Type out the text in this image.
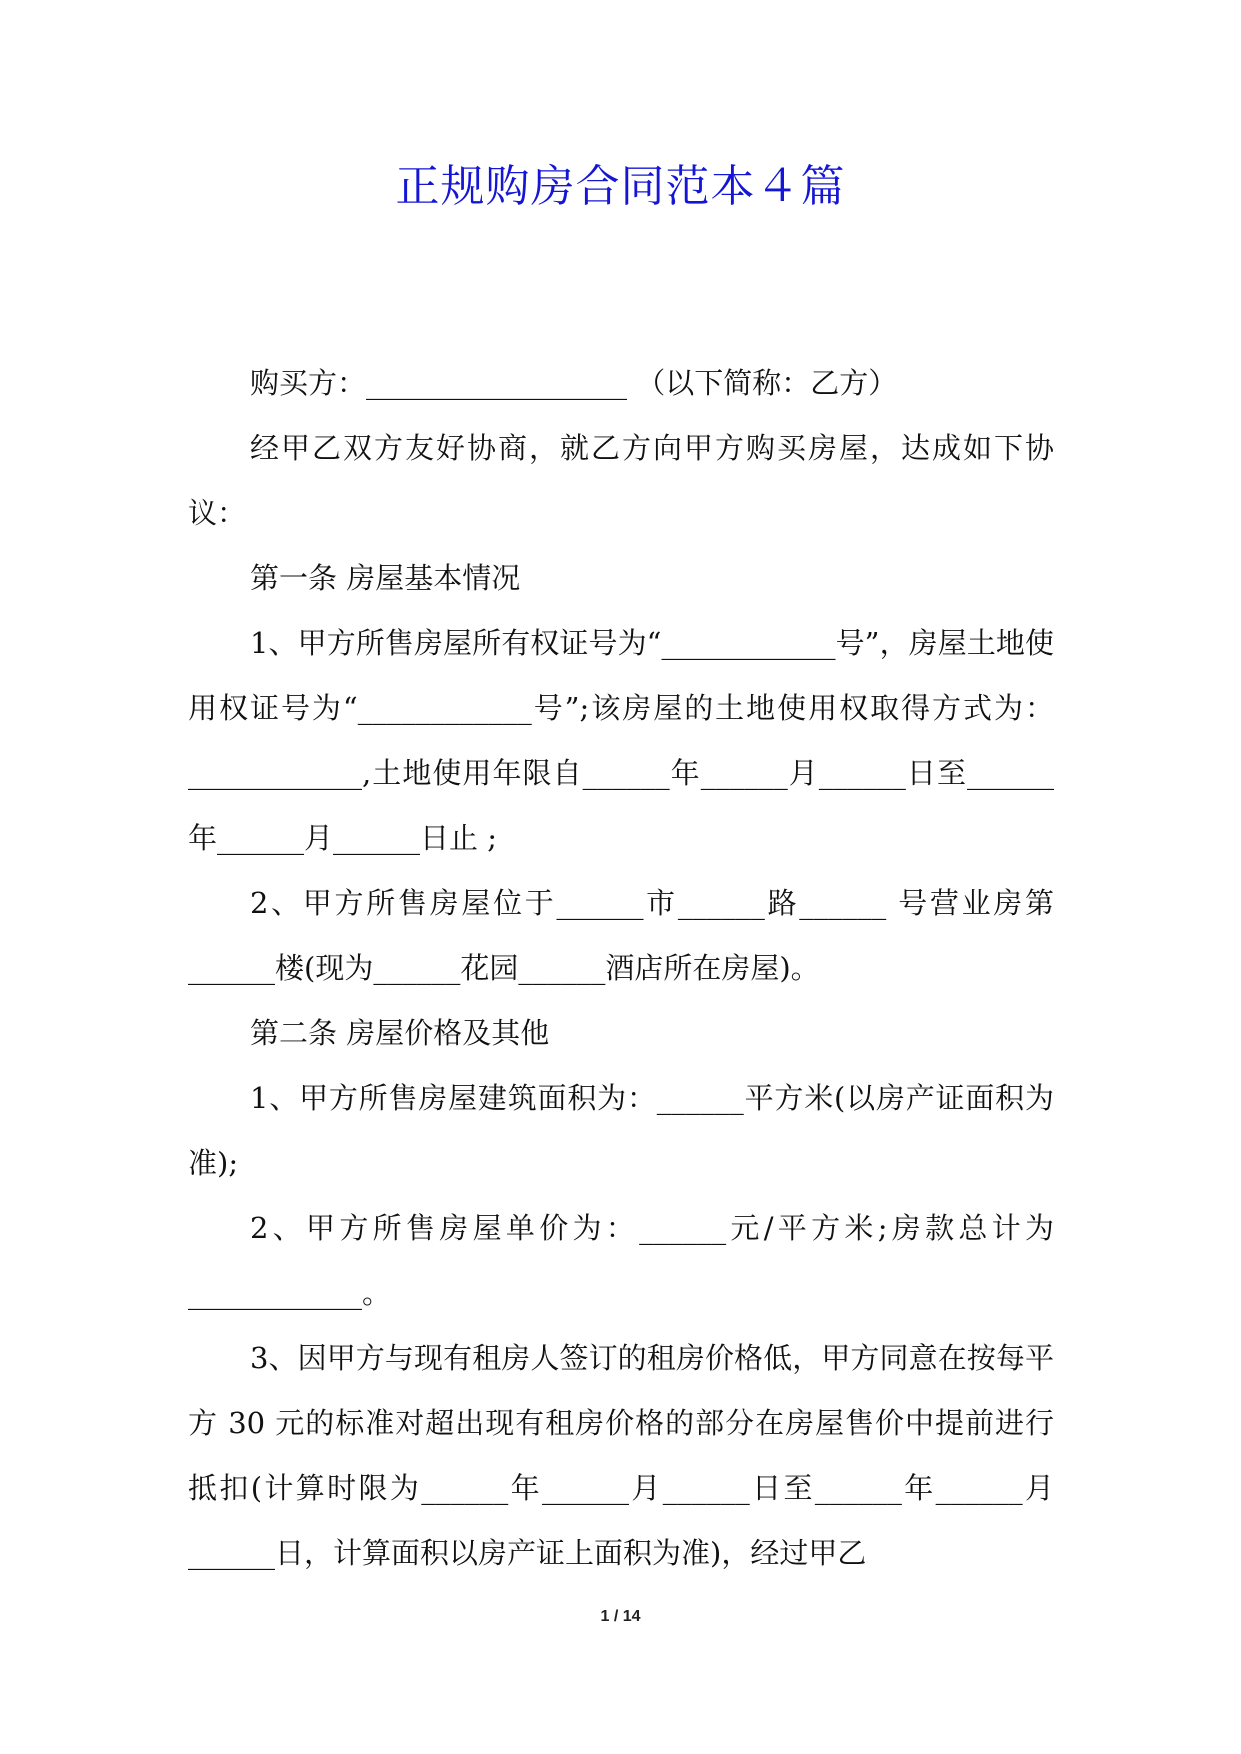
正规购房合同范本４篇

购买方：__________________ （以下简称：乙方）

经甲乙双方友好协商，就乙方向甲方购买房屋，达成如下协议：

第一条 房屋基本情况

1、甲方所售房屋所有权证号为“____________号”，房屋土地使用权证号为“____________号”;该房屋的土地使用权取得方式为：____________,土地使用年限自______年______月______日至______年______月______日止 ;

2、甲方所售房屋位于______市______路______ 号营业房第______楼(现为______花园______酒店所在房屋)。

第二条 房屋价格及其他

1、甲方所售房屋建筑面积为：______平方米(以房产证面积为准);

2、甲方所售房屋单价为：______元/平方米;房款总计为____________。

3、因甲方与现有租房人签订的租房价格低，甲方同意在按每平方 30 元的标准对超出现有租房价格的部分在房屋售价中提前进行抵扣(计算时限为______年______月______日至______年______月______日，计算面积以房产证上面积为准)，经过甲乙

1 / 14
